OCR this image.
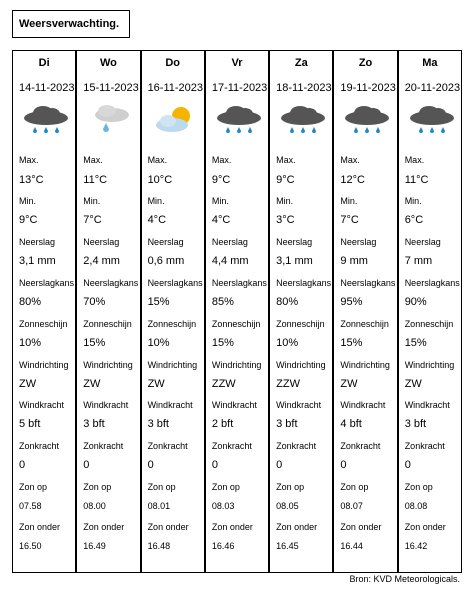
Weersverwachting.
Di
14-11-2023
Max.
13°C
Min.
9°C
Neerslag
3,1 mm
Neerslagkans
80%
Zonneschijn
10%
Windrichting
ZW
Windkracht
5 bft
Zonkracht
0
Zon op
07.58
Zon onder
16.50
Wo
15-11-2023
Max.
11°C
Min.
7°C
Neerslag
2,4 mm
Neerslagkans
70%
Zonneschijn
15%
Windrichting
ZW
Windkracht
3 bft
Zonkracht
0
Zon op
08.00
Zon onder
16.49
Do
16-11-2023
Max.
10°C
Min.
4°C
Neerslag
0,6 mm
Neerslagkans
15%
Zonneschijn
10%
Windrichting
ZW
Windkracht
3 bft
Zonkracht
0
Zon op
08.01
Zon onder
16.48
Vr
17-11-2023
Max.
9°C
Min.
4°C
Neerslag
4,4 mm
Neerslagkans
85%
Zonneschijn
15%
Windrichting
ZZW
Windkracht
2 bft
Zonkracht
0
Zon op
08.03
Zon onder
16.46
Za
18-11-2023
Max.
9°C
Min.
3°C
Neerslag
3,1 mm
Neerslagkans
80%
Zonneschijn
10%
Windrichting
ZZW
Windkracht
3 bft
Zonkracht
0
Zon op
08.05
Zon onder
16.45
Zo
19-11-2023
Max.
12°C
Min.
7°C
Neerslag
9 mm
Neerslagkans
95%
Zonneschijn
15%
Windrichting
ZW
Windkracht
4 bft
Zonkracht
0
Zon op
08.07
Zon onder
16.44
Ma
20-11-2023
Max.
11°C
Min.
6°C
Neerslag
7 mm
Neerslagkans
90%
Zonneschijn
15%
Windrichting
ZW
Windkracht
3 bft
Zonkracht
0
Zon op
08.08
Zon onder
16.42
Bron: KVD Meteorologicals.
